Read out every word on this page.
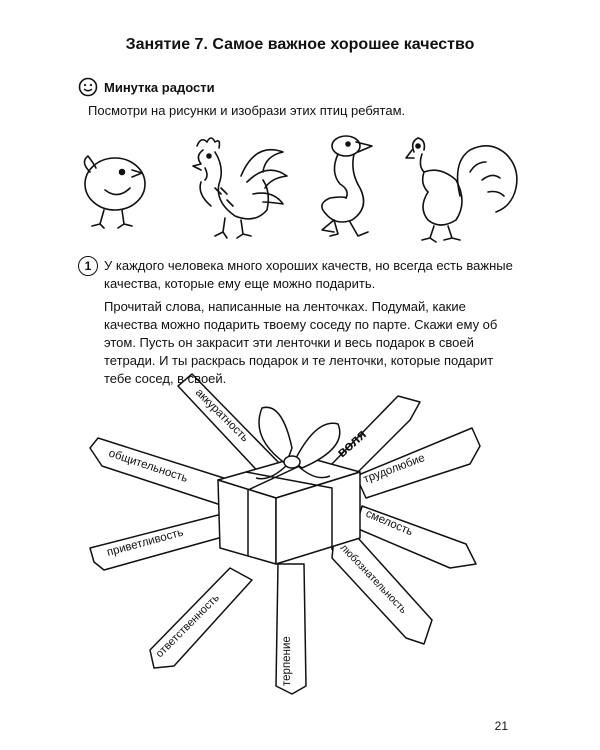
Занятие 7. Самое важное хорошее качество
Минутка радости
Посмотри на рисунки и изобрази этих птиц ребятам.
1 У каждого человека много хороших качеств, но всегда есть важные качества, которые ему еще можно подарить.
Прочитай слова, написанные на ленточках. Подумай, какие качества можно подарить твоему соседу по парте. Скажи ему об этом. Пусть он закрасит эти ленточки и весь подарок в своей тетради. И ты раскрась подарок и те ленточки, которые подарит тебе сосед, в своей.
аккуратность
воля
трудолюбие
общительность
смелость
приветливость
любознательность
ответственность
терпение
21
